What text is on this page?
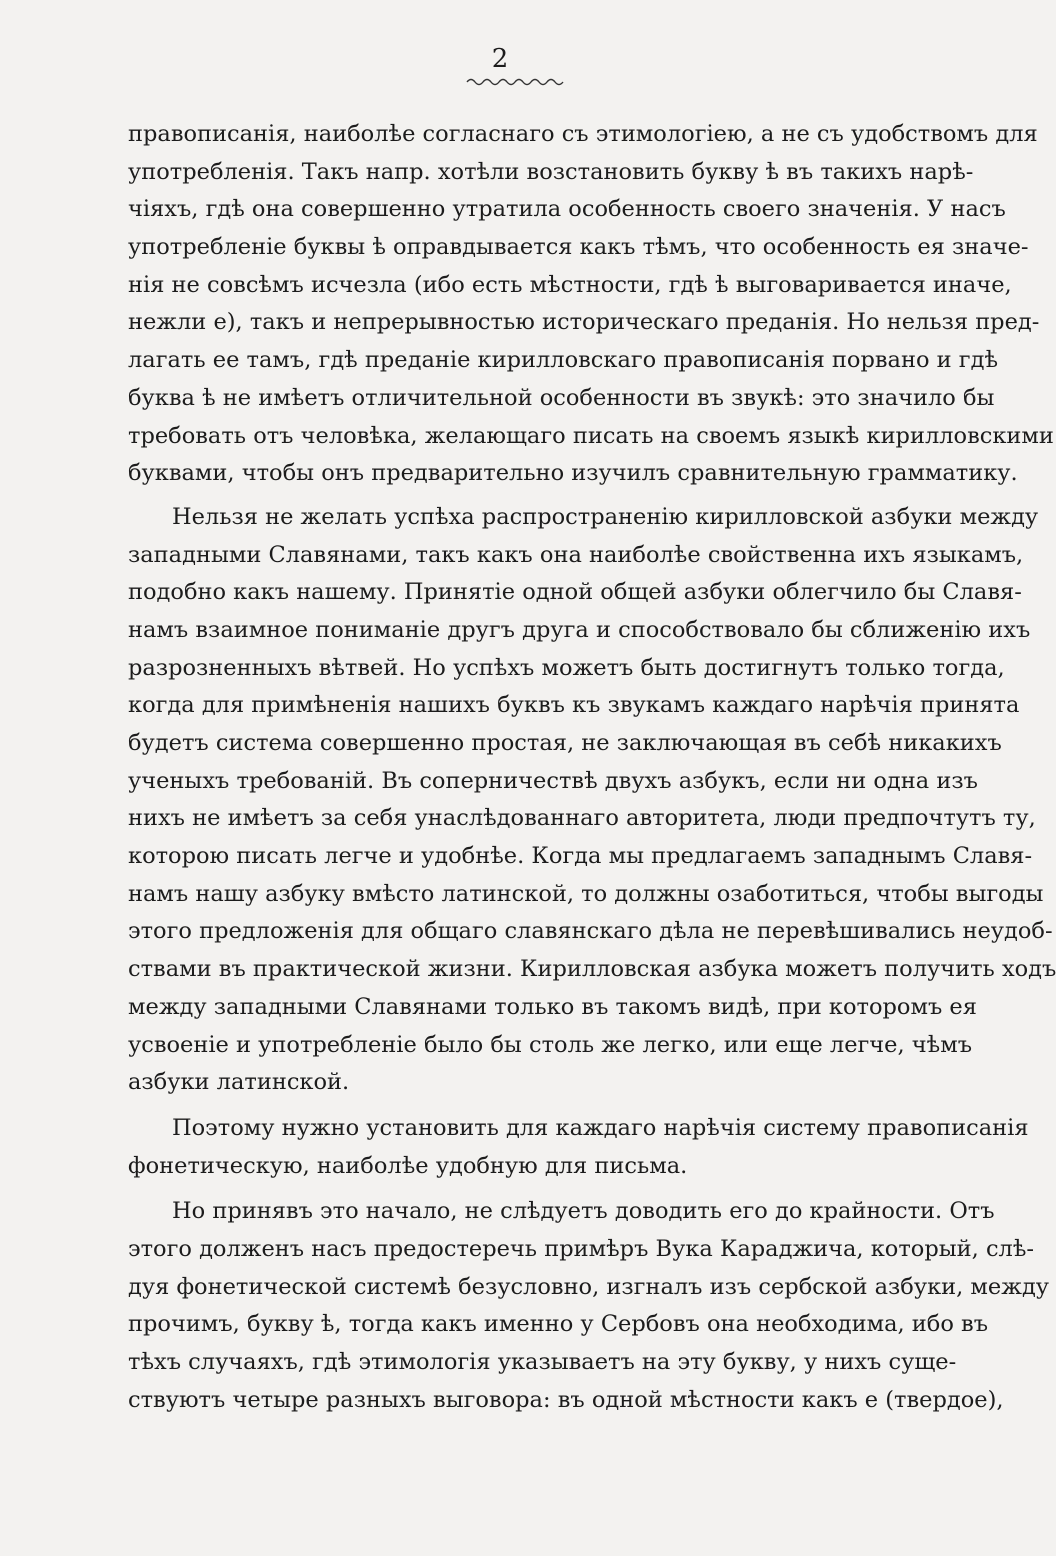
2
правописанія, наиболѣе согласнаго съ этимологіею, а не съ удобствомъ для
употребленія. Такъ напр. хотѣли возстановить букву ѣ въ такихъ нарѣ-
чіяхъ, гдѣ она совершенно утратила особенность своего значенія. У насъ
употребленіе буквы ѣ оправдывается какъ тѣмъ, что особенность ея значе-
нія не совсѣмъ исчезла (ибо есть мѣстности, гдѣ ѣ выговаривается иначе,
нежли е), такъ и непрерывностью историческаго преданія. Но нельзя пред-
лагать ее тамъ, гдѣ преданіе кирилловскаго правописанія порвано и гдѣ
буква ѣ не имѣетъ отличительной особенности въ звукѣ: это значило бы
требовать отъ человѣка, желающаго писать на своемъ языкѣ кирилловскими
буквами, чтобы онъ предварительно изучилъ сравнительную грамматику.
Нельзя не желать успѣха распространенію кирилловской азбуки между
западными Славянами, такъ какъ она наиболѣе свойственна ихъ языкамъ,
подобно какъ нашему. Принятіе одной общей азбуки облегчило бы Славя-
намъ взаимное пониманіе другъ друга и способствовало бы сближенію ихъ
разрозненныхъ вѣтвей. Но успѣхъ можетъ быть достигнутъ только тогда,
когда для примѣненія нашихъ буквъ къ звукамъ каждаго нарѣчія принята
будетъ система совершенно простая, не заключающая въ себѣ никакихъ
ученыхъ требованій. Въ соперничествѣ двухъ азбукъ, если ни одна изъ
нихъ не имѣетъ за себя унаслѣдованнаго авторитета, люди предпочтутъ ту,
которою писать легче и удобнѣе. Когда мы предлагаемъ западнымъ Славя-
намъ нашу азбуку вмѣсто латинской, то должны озаботиться, чтобы выгоды
этого предложенія для общаго славянскаго дѣла не перевѣшивались неудоб-
ствами въ практической жизни. Кирилловская азбука можетъ получить ходъ
между западными Славянами только въ такомъ видѣ, при которомъ ея
усвоеніе и употребленіе было бы столь же легко, или еще легче, чѣмъ
азбуки латинской.
Поэтому нужно установить для каждаго нарѣчія систему правописанія
фонетическую, наиболѣе удобную для письма.
Но принявъ это начало, не слѣдуетъ доводить его до крайности. Отъ
этого долженъ насъ предостеречь примѣръ Вука Караджича, который, слѣ-
дуя фонетической системѣ безусловно, изгналъ изъ сербской азбуки, между
прочимъ, букву ѣ, тогда какъ именно у Сербовъ она необходима, ибо въ
тѣхъ случаяхъ, гдѣ этимологія указываетъ на эту букву, у нихъ суще-
ствуютъ четыре разныхъ выговора: въ одной мѣстности какъ е (твердое),
